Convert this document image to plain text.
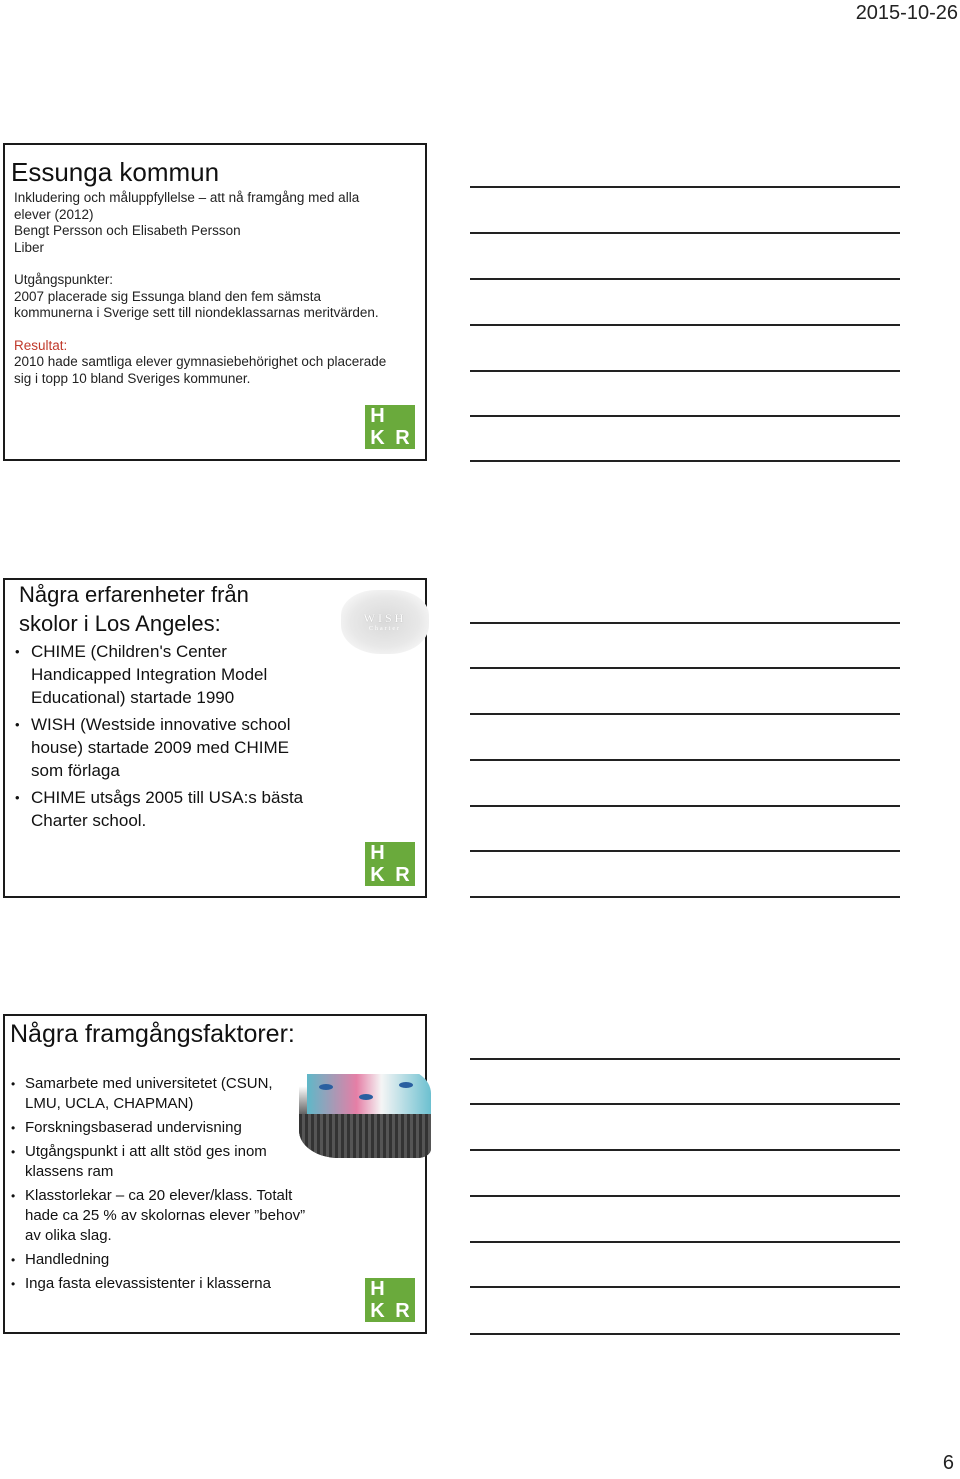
2015-10-26
Essunga kommun

Inkludering och måluppfyllelse – att nå framgång med alla

elever (2012)

Bengt Persson och Elisabeth Persson

Liber

Utgångspunkter:

2007 placerade sig Essunga bland den fem sämsta

kommunerna i Sverige sett till niondeklassarnas meritvärden.

Resultat:

2010 hade samtliga elever gymnasiebehörighet och placerade

sig i topp 10 bland Sveriges kommuner.

H
K R
Några erfarenheter från
skolor i Los Angeles:	WISH
Charter
• CHIME (Children's Center Handicapped Integration Model Educational) startade 1990
• WISH (Westside innovative school house) startade 2009 med CHIME som förlaga
• CHIME utsågs 2005 till USA:s bästa Charter school.
H
K R
Några framgångsfaktorer:
• Samarbete med universitetet (CSUN, LMU, UCLA, CHAPMAN)
• Forskningsbaserad undervisning
• Utgångspunkt i att allt stöd ges inom klassens ram
• Klasstorlekar – ca 20 elever/klass. Totalt hade ca 25 % av skolornas elever ”behov” av olika slag.
• Handledning
• Inga fasta elevassistenter i klasserna	H
K R
6
